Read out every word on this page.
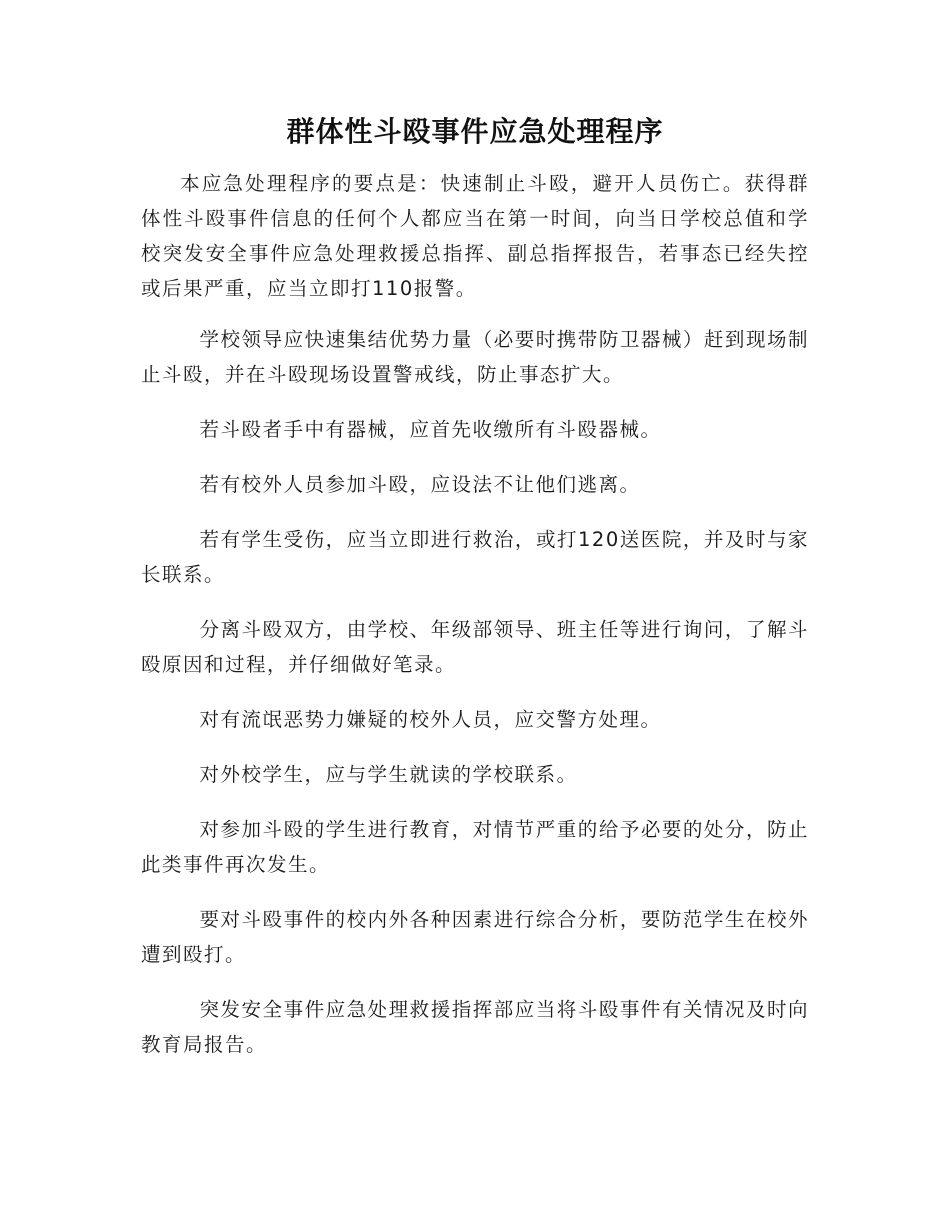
群体性斗殴事件应急处理程序

本应急处理程序的要点是：快速制止斗殴，避开人员伤亡。获得群体性斗殴事件信息的任何个人都应当在第一时间，向当日学校总值和学校突发安全事件应急处理救援总指挥、副总指挥报告，若事态已经失控或后果严重，应当立即打110报警。

学校领导应快速集结优势力量（必要时携带防卫器械）赶到现场制止斗殴，并在斗殴现场设置警戒线，防止事态扩大。

若斗殴者手中有器械，应首先收缴所有斗殴器械。

若有校外人员参加斗殴，应设法不让他们逃离。

若有学生受伤，应当立即进行救治，或打120送医院，并及时与家长联系。

分离斗殴双方，由学校、年级部领导、班主任等进行询问，了解斗殴原因和过程，并仔细做好笔录。

对有流氓恶势力嫌疑的校外人员，应交警方处理。

对外校学生，应与学生就读的学校联系。

对参加斗殴的学生进行教育，对情节严重的给予必要的处分，防止此类事件再次发生。

要对斗殴事件的校内外各种因素进行综合分析，要防范学生在校外遭到殴打。

突发安全事件应急处理救援指挥部应当将斗殴事件有关情况及时向教育局报告。
